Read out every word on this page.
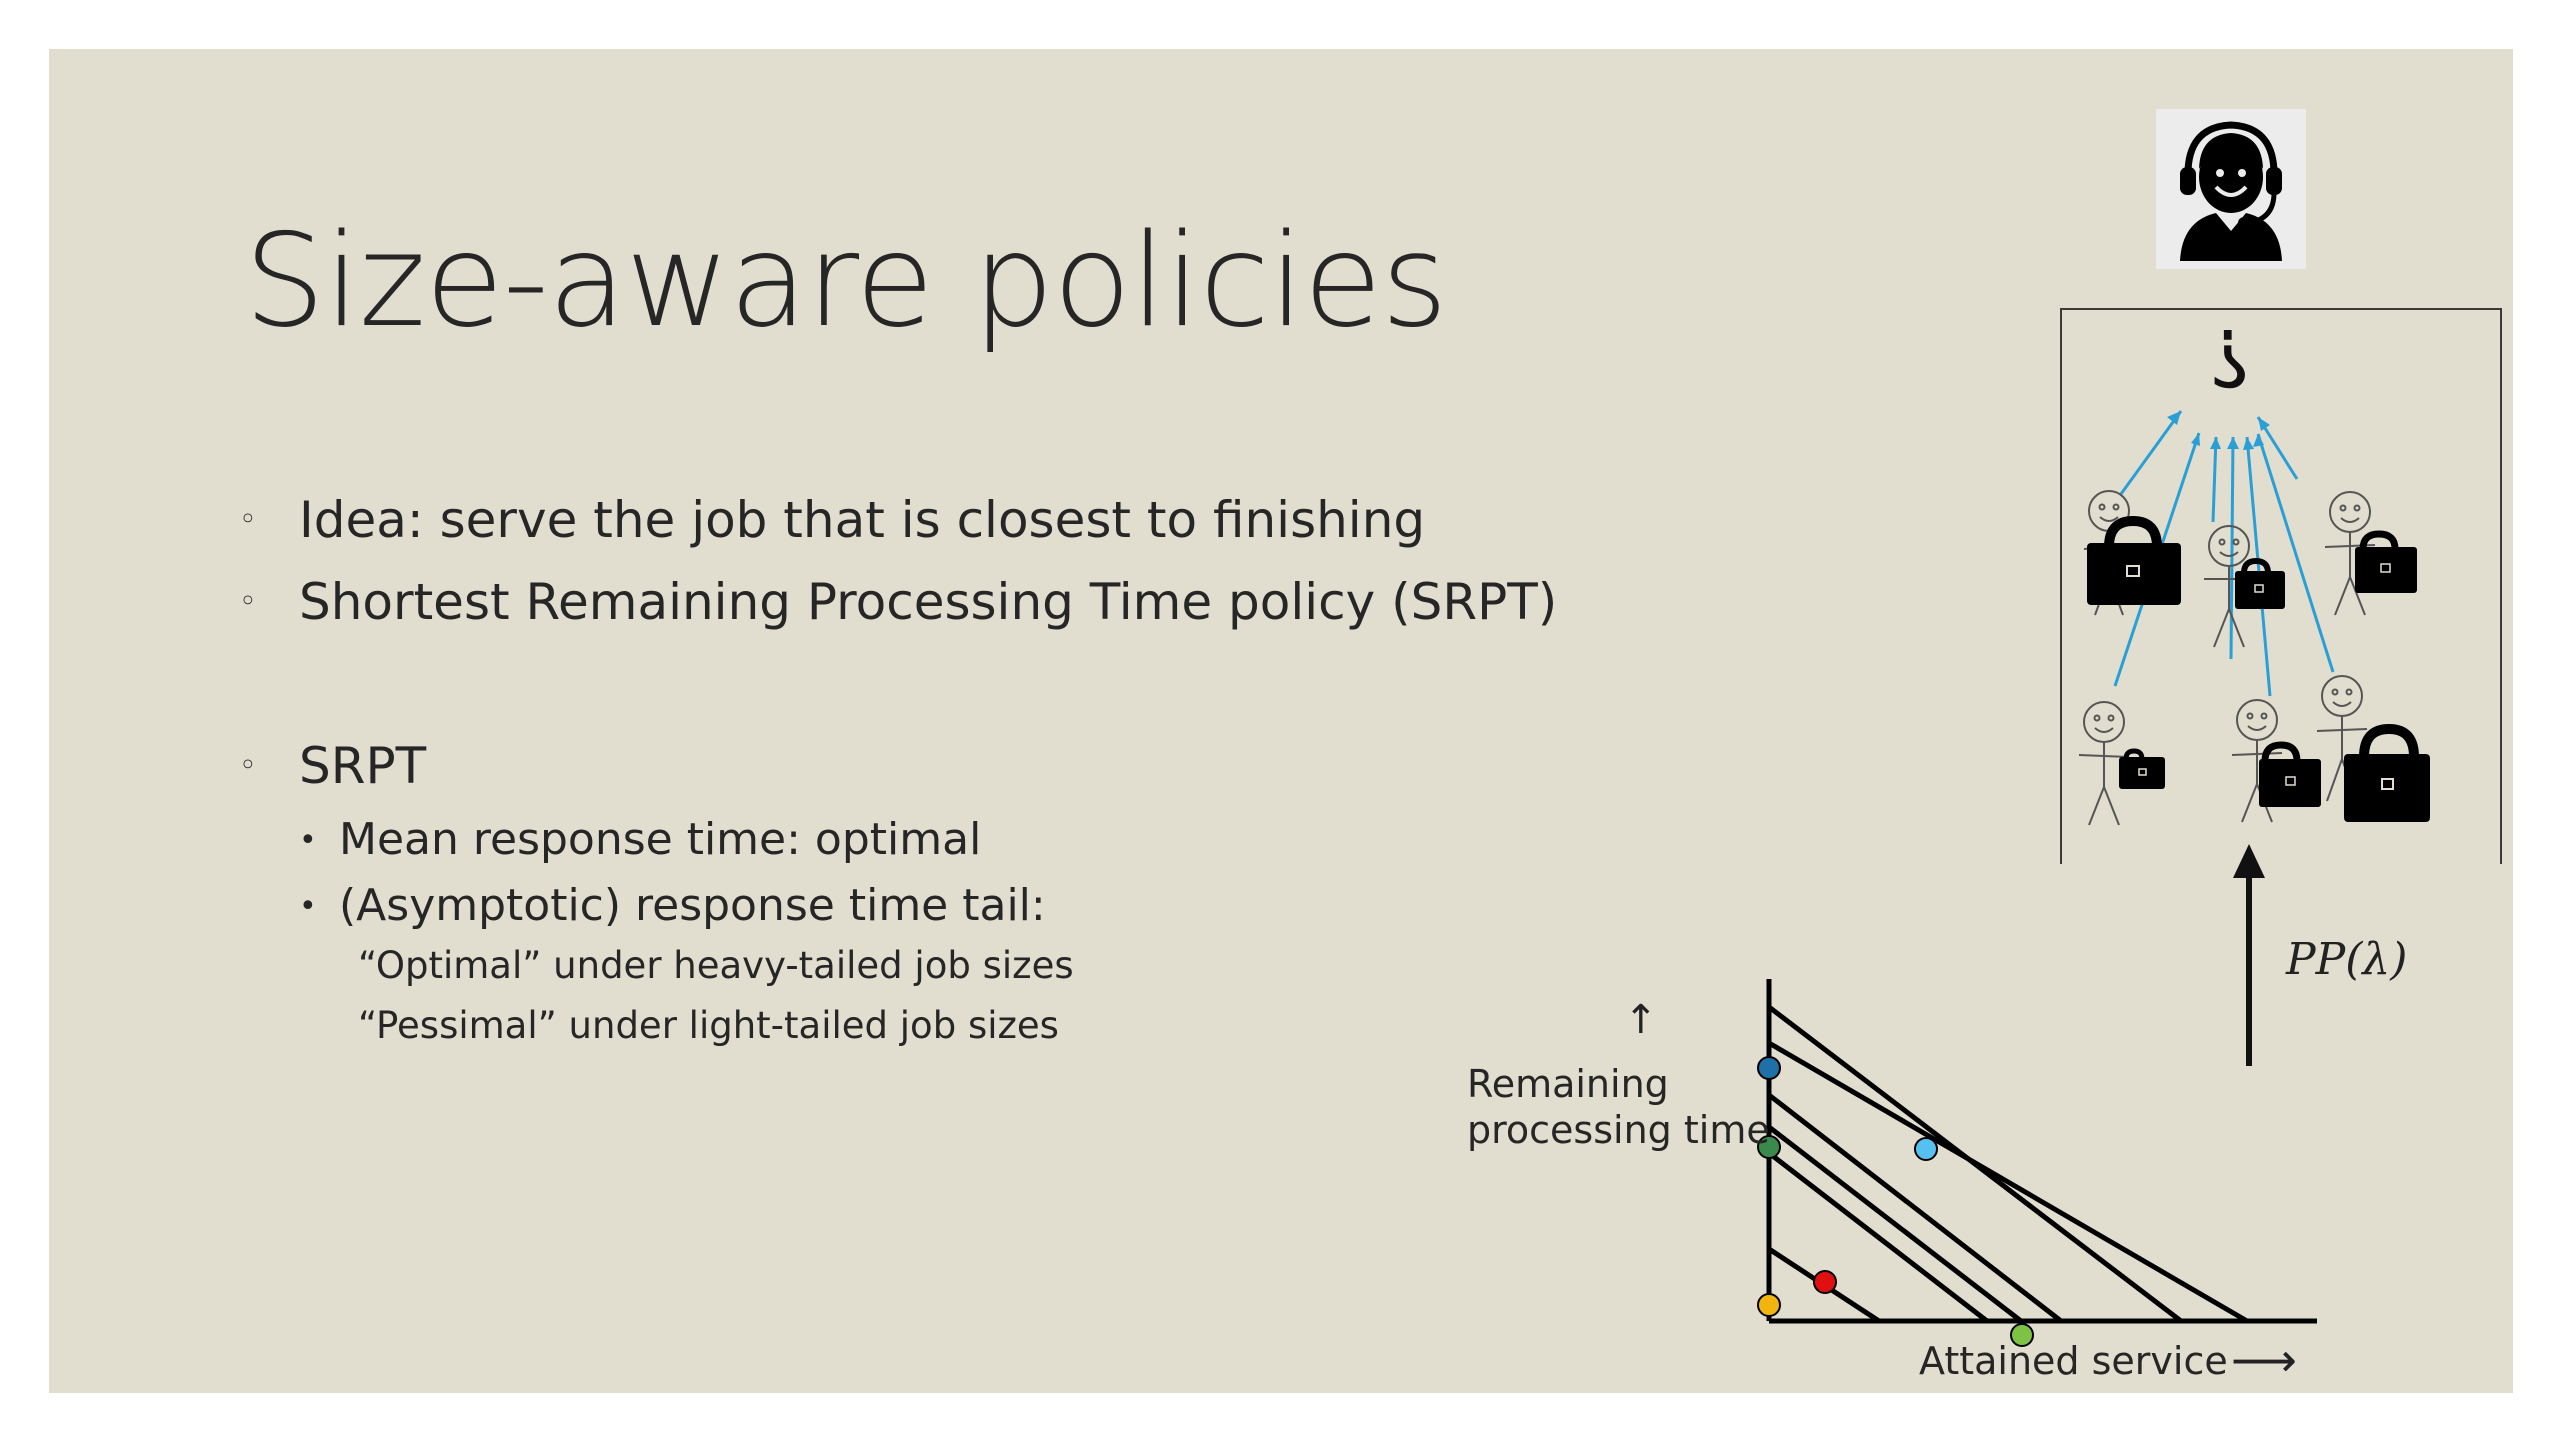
Size-aware policies
◦ Idea: serve the job that is closest to finishing
◦ Shortest Remaining Processing Time policy (SRPT)
◦ SRPT
• Mean response time: optimal
• (Asymptotic) response time tail:
“Optimal” under heavy-tailed job sizes
“Pessimal” under light-tailed job sizes
?
PP(λ)
↑
Remaining
processing time
Attained service ⟶
